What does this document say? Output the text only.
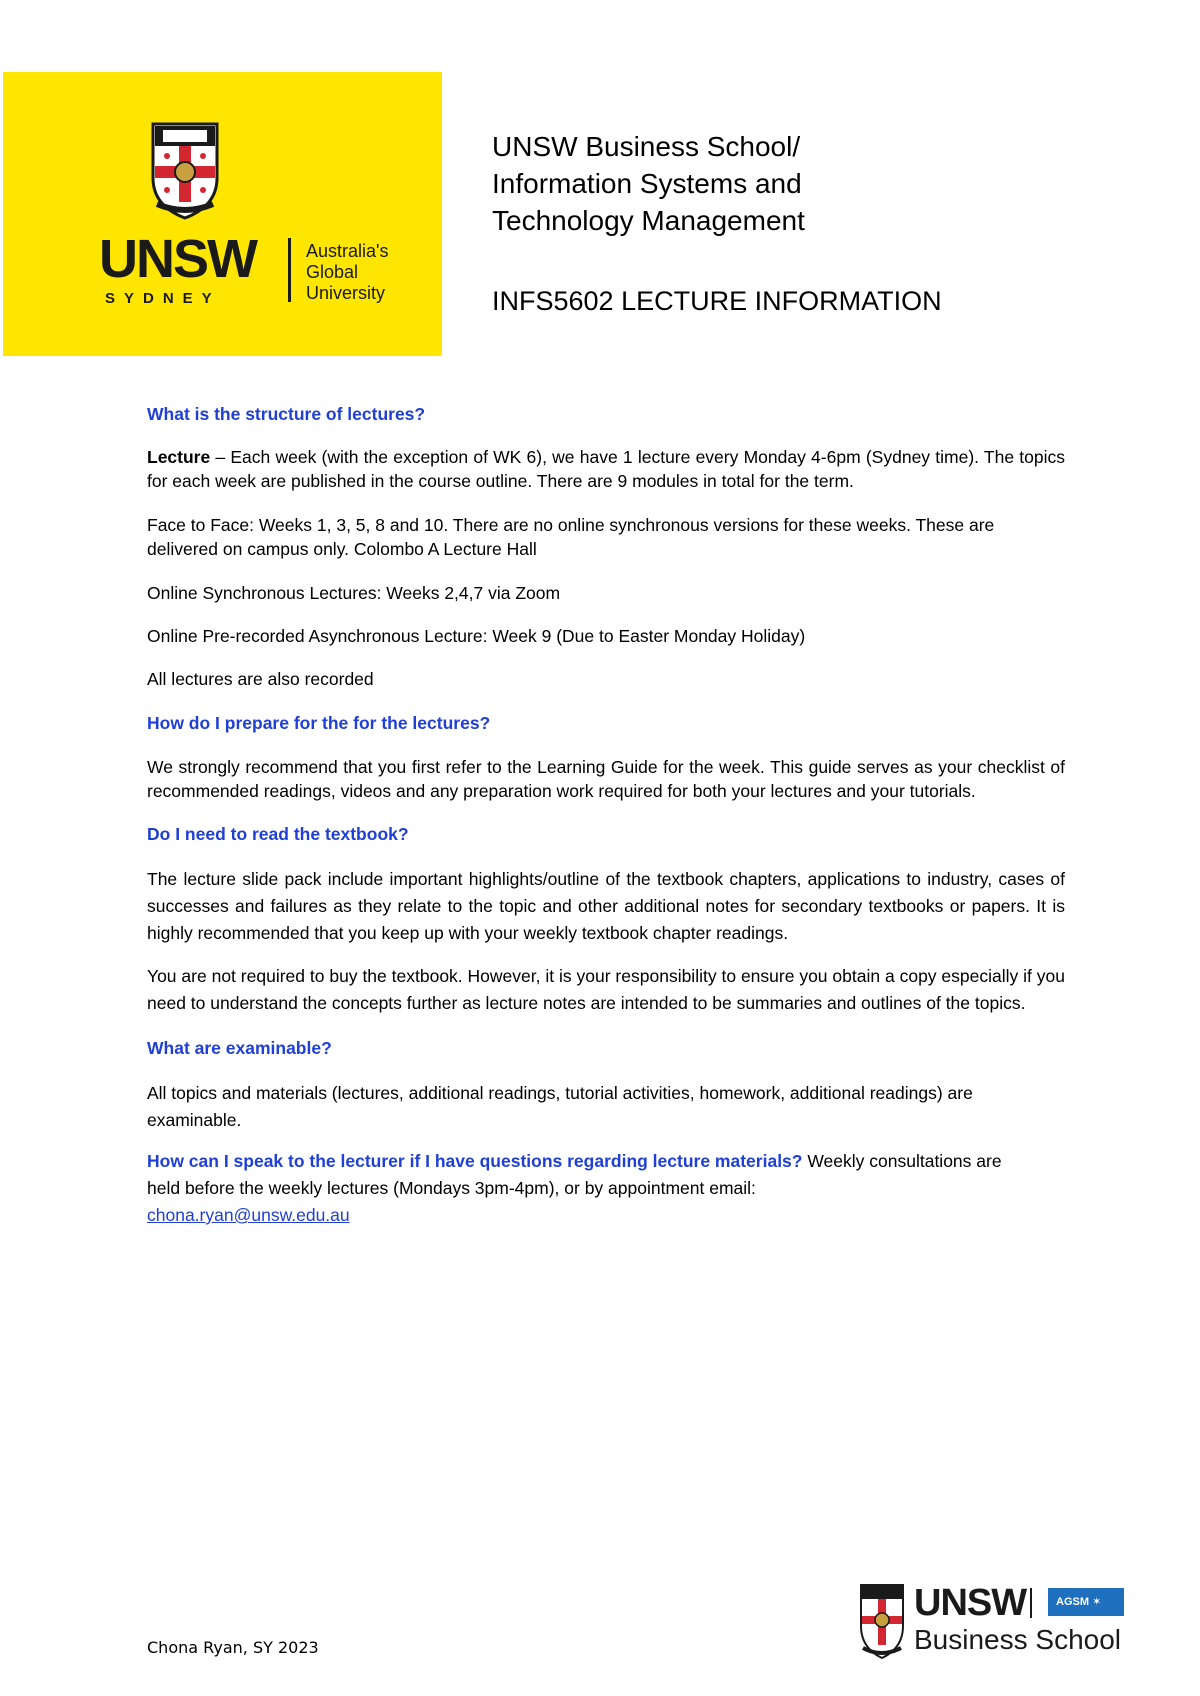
UNSW
SYDNEY
Australia's
Global
University
UNSW Business School/
Information Systems and
Technology Management
INFS5602 LECTURE INFORMATION

What is the structure of lectures?

Lecture – Each week (with the exception of WK 6), we have 1 lecture every Monday 4-6pm (Sydney time). The topics for each week are published in the course outline. There are 9 modules in total for the term.

Face to Face: Weeks 1, 3, 5, 8 and 10. There are no online synchronous versions for these weeks. These are delivered on campus only. Colombo A Lecture Hall

Online Synchronous Lectures: Weeks 2,4,7 via Zoom

Online Pre-recorded Asynchronous Lecture: Week 9 (Due to Easter Monday Holiday)

All lectures are also recorded

How do I prepare for the for the lectures?

We strongly recommend that you first refer to the Learning Guide for the week. This guide serves as your checklist of recommended readings, videos and any preparation work required for both your lectures and your tutorials.

Do I need to read the textbook?

The lecture slide pack include important highlights/outline of the textbook chapters, applications to industry, cases of successes and failures as they relate to the topic and other additional notes for secondary textbooks or papers. It is highly recommended that you keep up with your weekly textbook chapter readings.

You are not required to buy the textbook. However, it is your responsibility to ensure you obtain a copy especially if you need to understand the concepts further as lecture notes are intended to be summaries and outlines of the topics.

What are examinable?

All topics and materials (lectures, additional readings, tutorial activities, homework, additional readings) are examinable.

How can I speak to the lecturer if I have questions regarding lecture materials? Weekly consultations are held before the weekly lectures (Mondays 3pm-4pm), or by appointment email:
chona.ryan@unsw.edu.au

Chona Ryan, SY 2023
UNSW	AGSM ✶
Business School
